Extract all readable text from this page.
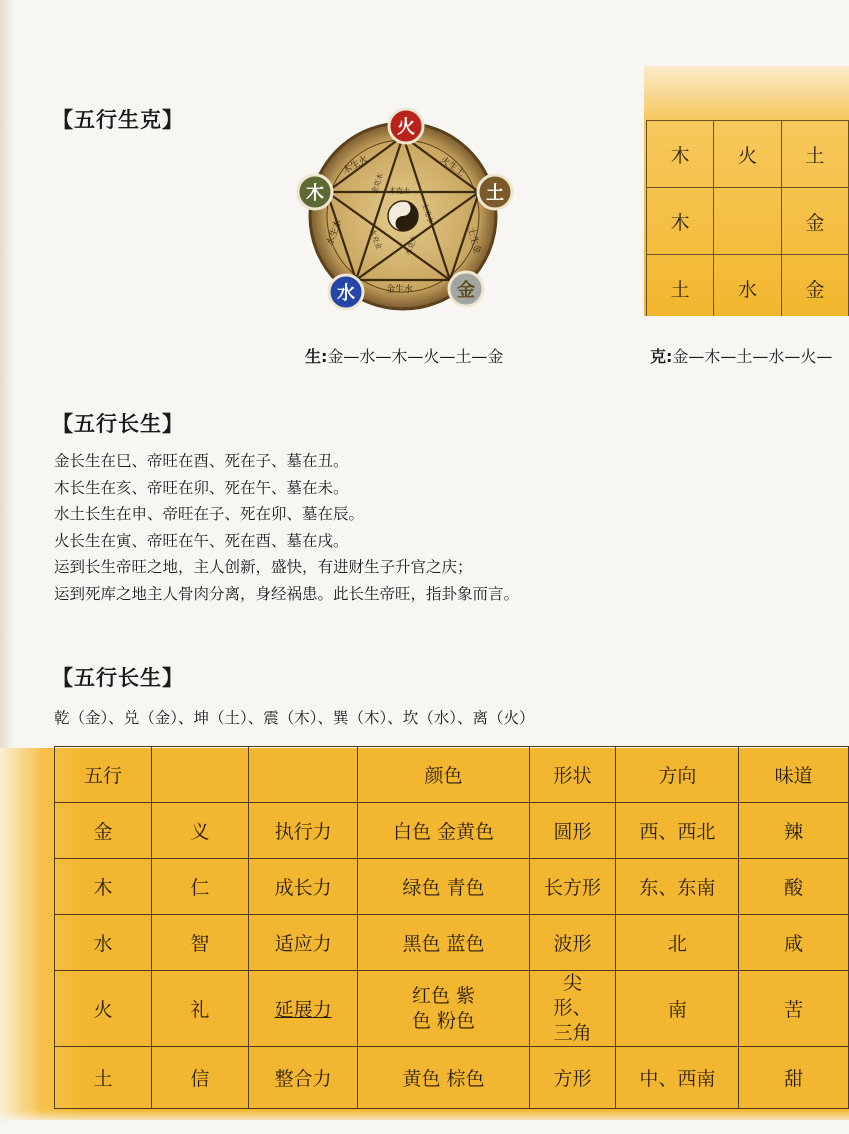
【五行生克】
火生土
土生金
金生水
水生木
木生火
木克土
土克水
水克火
火克金
金克木
火
土
金
水
木
生:金—水—木—火—土—金
木	火	土
木		金
土	水	金
克:金—木—土—水—火—
【五行长生】
金长生在巳、帝旺在酉、死在子、墓在丑。
木长生在亥、帝旺在卯、死在午、墓在未。
水土长生在申、帝旺在子、死在卯、墓在辰。
火长生在寅、帝旺在午、死在酉、墓在戌。
运到长生帝旺之地，主人创新，盛快，有进财生子升官之庆；
运到死库之地主人骨肉分离，身经祸患。此长生帝旺，指卦象而言。
【五行长生】
乾（金）、兑（金）、坤（土）、震（木）、巽（木）、坎（水）、离（火）
五行			颜色	形状	方向	味道
金	义	执行力	白色 金黄色	圆形	西、西北	辣
木	仁	成长力	绿色 青色	长方形	东、东南	酸
水	智	适应力	黑色 蓝色	波形	北	咸
火	礼	延展力	红色 紫色 粉色	尖形、三角	南	苦
土	信	整合力	黄色 棕色	方形	中、西南	甜
